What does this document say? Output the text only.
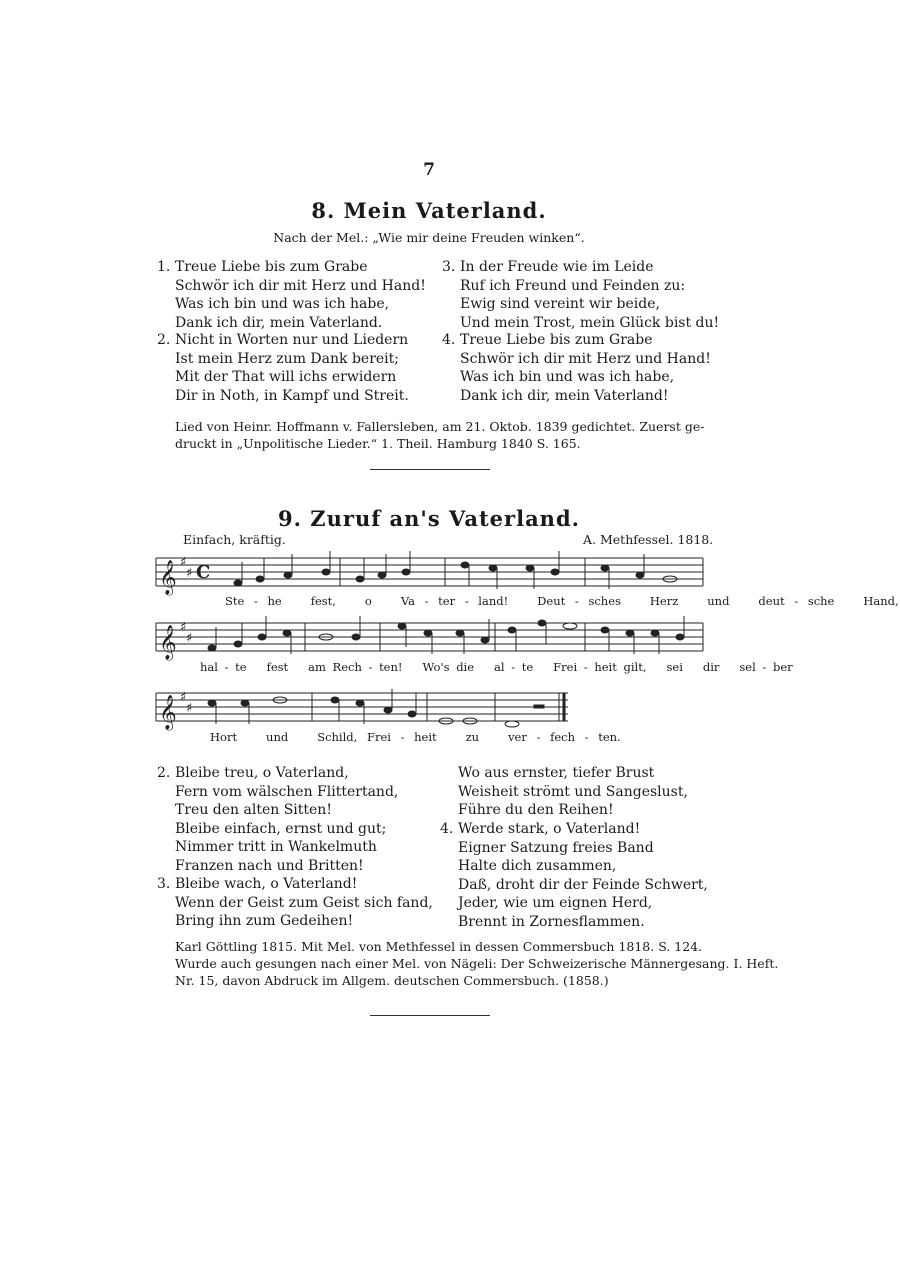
7
8. Mein Vaterland.
Nach der Mel.: „Wie mir deine Freuden winken“.
1. Treue Liebe bis zum Grabe
Schwör ich dir mit Herz und Hand!
Was ich bin und was ich habe,
Dank ich dir, mein Vaterland.
2. Nicht in Worten nur und Liedern
Ist mein Herz zum Dank bereit;
Mit der That will ichs erwidern
Dir in Noth, in Kampf und Streit.
3. In der Freude wie im Leide
Ruf ich Freund und Feinden zu:
Ewig sind vereint wir beide,
Und mein Trost, mein Glück bist du!
4. Treue Liebe bis zum Grabe
Schwör ich dir mit Herz und Hand!
Was ich bin und was ich habe,
Dank ich dir, mein Vaterland!
Lied von Heinr. Hoffmann v. Fallersleben, am 21. Oktob. 1839 gedichtet. Zuerst ge-
druckt in „Unpolitische Lieder.“ 1. Theil. Hamburg 1840 S. 165.
9. Zuruf an's Vaterland.
Einfach, kräftig.	A. Methfessel. 1818.
𝄞
𝄞
𝄞
♯
♯
♯
♯
♯
♯
C
Ste - he	fest,	o	Va - ter - land!	Deut - sches	Herz	und	deut - sche	Hand,
hal - te fest am Rech - ten! Wo's die al - te Frei - heit gilt, sei dir sel - ber
Hort	und	Schild, Frei - heit	zu	ver - fech - ten.
2. Bleibe treu, o Vaterland,
Fern vom wälschen Flittertand,
Treu den alten Sitten!
Bleibe einfach, ernst und gut;
Nimmer tritt in Wankelmuth
Franzen nach und Britten!
3. Bleibe wach, o Vaterland!
Wenn der Geist zum Geist sich fand,
Bring ihn zum Gedeihen!
Wo aus ernster, tiefer Brust
Weisheit strömt und Sangeslust,
Führe du den Reihen!
4. Werde stark, o Vaterland!
Eigner Satzung freies Band
Halte dich zusammen,
Daß, droht dir der Feinde Schwert,
Jeder, wie um eignen Herd,
Brennt in Zornesflammen.
Karl Göttling 1815. Mit Mel. von Methfessel in dessen Commersbuch 1818. S. 124.
Wurde auch gesungen nach einer Mel. von Nägeli: Der Schweizerische Männergesang. I. Heft.
Nr. 15, davon Abdruck im Allgem. deutschen Commersbuch. (1858.)
